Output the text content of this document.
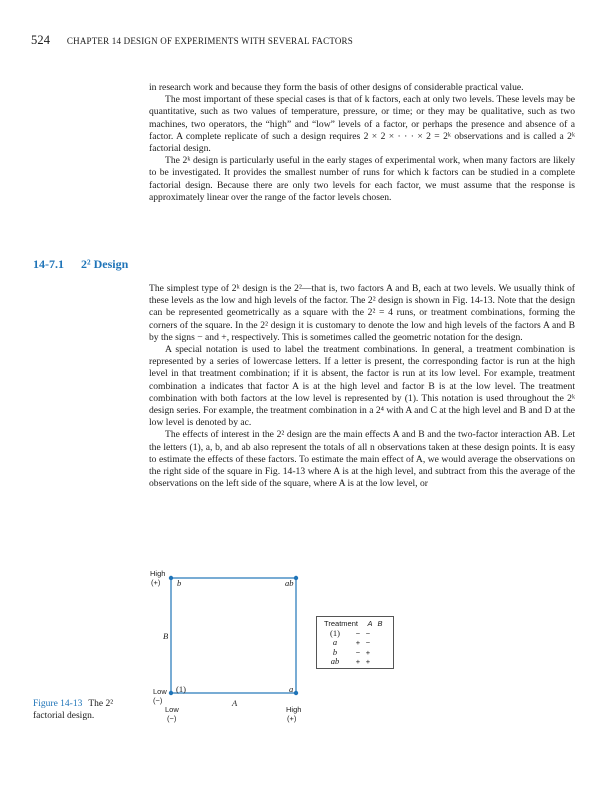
524 CHAPTER 14 DESIGN OF EXPERIMENTS WITH SEVERAL FACTORS

in research work and because they form the basis of other designs of considerable practical value.

The most important of these special cases is that of k factors, each at only two levels. These levels may be quantitative, such as two values of temperature, pressure, or time; or they may be qualitative, such as two machines, two operators, the “high” and “low” levels of a factor, or perhaps the presence and absence of a factor. A complete replicate of such a design requires 2 × 2 × · · · × 2 = 2ᵏ observations and is called a 2ᵏ factorial design.

The 2ᵏ design is particularly useful in the early stages of experimental work, when many factors are likely to be investigated. It provides the smallest number of runs for which k factors can be studied in a complete factorial design. Because there are only two levels for each factor, we must assume that the response is approximately linear over the range of the factor levels chosen.

14-7.1 2² Design

The simplest type of 2ᵏ design is the 2²—that is, two factors A and B, each at two levels. We usually think of these levels as the low and high levels of the factor. The 2² design is shown in Fig. 14-13. Note that the design can be represented geometrically as a square with the 2² = 4 runs, or treatment combinations, forming the corners of the square. In the 2² design it is customary to denote the low and high levels of the factors A and B by the signs − and +, respectively. This is sometimes called the geometric notation for the design.

A special notation is used to label the treatment combinations. In general, a treatment combination is represented by a series of lowercase letters. If a letter is present, the corresponding factor is run at the high level in that treatment combination; if it is absent, the factor is run at its low level. For example, treatment combination a indicates that factor A is at the high level and factor B is at the low level. The treatment combination with both factors at the low level is represented by (1). This notation is used throughout the 2ᵏ design series. For example, the treatment combination in a 2⁴ with A and C at the high level and B and D at the low level is denoted by ac.

The effects of interest in the 2² design are the main effects A and B and the two-factor interaction AB. Let the letters (1), a, b, and ab also represent the totals of all n observations taken at these design points. It is easy to estimate the effects of these factors. To estimate the main effect of A, we would average the observations on the right side of the square in Fig. 14-13 where A is at the high level, and subtract from this the average of the observations on the left side of the square, where A is at the low level, or

High
(+)
Low
(−)
B
A
Low
(−)
High
(+)
b	ab
(1)	a
Treatment	A B
(1)	− −
a	+ −
b	− +
ab	+ +
Figure 14-13 The 2² factorial design.
